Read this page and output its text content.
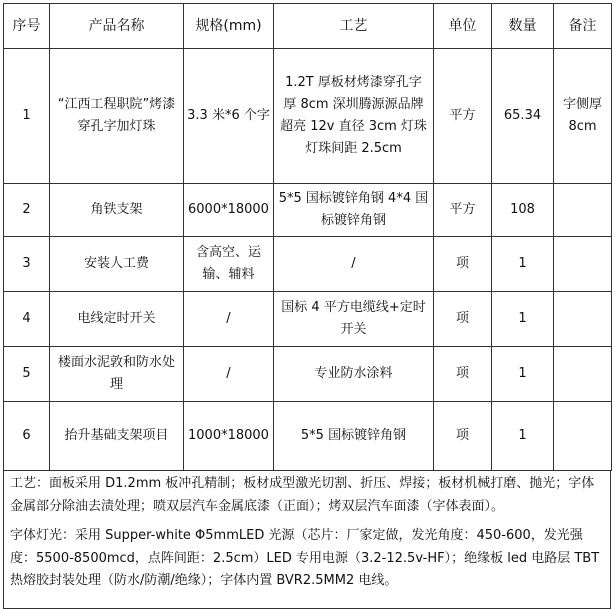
序号	产品名称	规格(mm)	工艺	单位	数量	备注
1	“江西工程职院”烤漆穿孔字加灯珠	3.3 米*6 个字	1.2T 厚板材烤漆穿孔字 厚 8cm 深圳腾源源品牌超亮 12v 直径 3cm 灯珠 灯珠间距 2.5cm	平方	65.34	字侧厚 8cm
2	角铁支架	6000*18000	5*5 国标镀锌角钢 4*4 国标镀锌角钢	平方	108	
3	安装人工费	含高空、运输、辅料	/	项	1	
4	电线定时开关	/	国标 4 平方电缆线+定时开关	项	1	
5	楼面水泥敦和防水处理	/	专业防水涂料	项	1	
6	抬升基础支架项目	1000*18000	5*5 国标镀锌角钢	项	1	

工艺：面板采用 D1.2mm 板冲孔精制；板材成型激光切割、折压、焊接；板材机械打磨、抛光；字体金属部分除油去渍处理；喷双层汽车金属底漆（正面）；烤双层汽车面漆（字体表面）。

字体灯光：采用 Supper-white Φ5mmLED 光源（芯片：厂家定做，发光角度：450-600，发光强度：5500-8500mcd，点阵间距：2.5cm）LED 专用电源（3.2-12.5v-HF）；绝缘板 led 电路层 TBT 热熔胶封装处理（防水/防潮/绝缘）；字体内置 BVR2.5MM2 电线。
